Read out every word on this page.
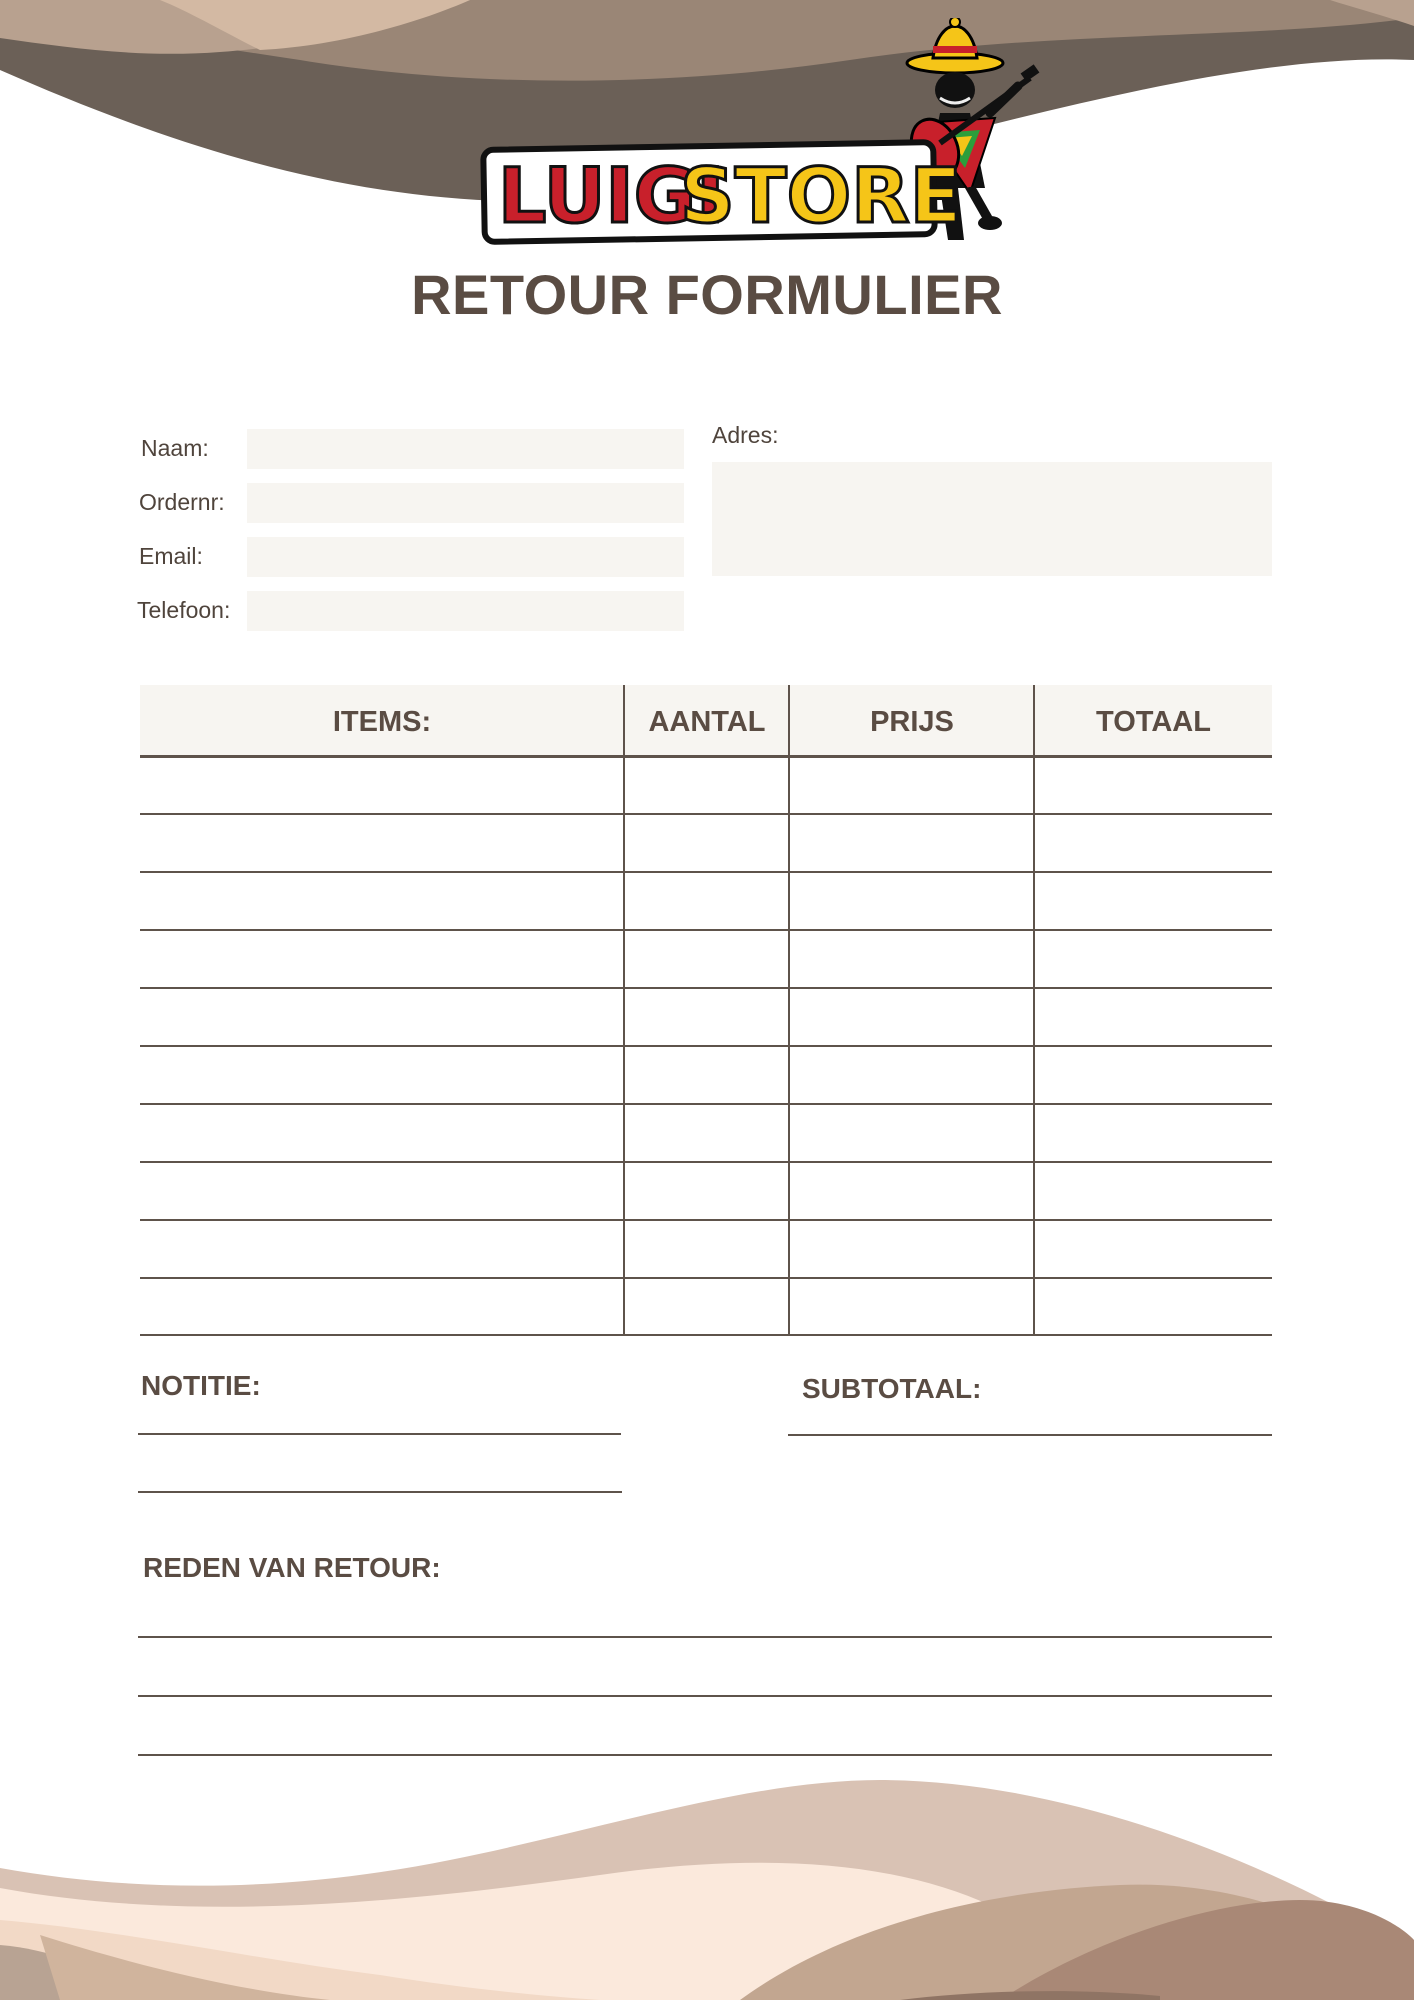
LUIGI
STORE
RETOUR FORMULIER
Naam:
Ordernr:
Email:
Telefoon:
Adres:
ITEMS:	AANTAL	PRIJS	TOTAAL
NOTITIE:	SUBTOTAAL:
REDEN VAN RETOUR:
